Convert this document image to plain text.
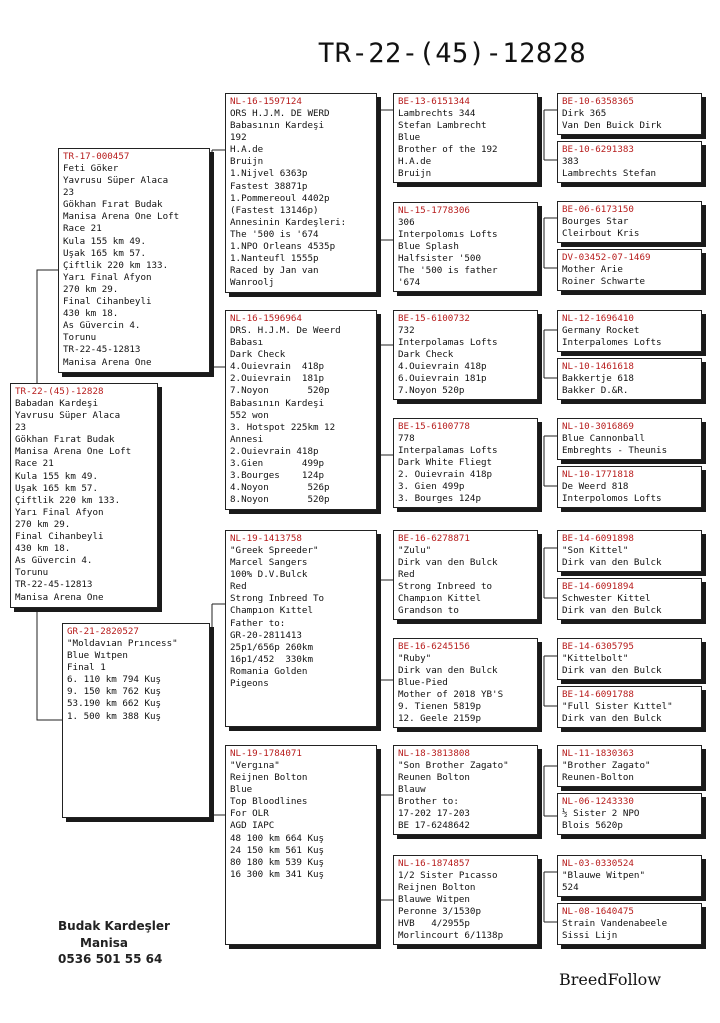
TR-22-(45)-12828
TR-22-(45)-12828
Babadan Kardeşi
Yavrusu Süper Alaca
23
Gökhan Fırat Budak
Manisa Arena One Loft
Race 21
Kula 155 km 49.
Uşak 165 km 57.
Çiftlik 220 km 133.
Yarı Final Afyon
270 km 29.
Final Cihanbeyli
430 km 18.
As Güvercin 4.
Torunu
TR-22-45-12813
Manisa Arena One
TR-17-000457
Feti Göker
Yavrusu Süper Alaca
23
Gökhan Fırat Budak
Manisa Arena One Loft
Race 21
Kula 155 km 49.
Uşak 165 km 57.
Çiftlik 220 km 133.
Yarı Final Afyon
270 km 29.
Final Cihanbeyli
430 km 18.
As Güvercin 4.
Torunu
TR-22-45-12813
Manisa Arena One
GR-21-2820527
"Moldavıan Prıncess"
Blue Wıtpen
Final 1
6. 110 km 794 Kuş
9. 150 km 762 Kuş
53.190 km 662 Kuş
1. 500 km 388 Kuş
NL-16-1597124
ORS H.J.M. DE WERD
Babasının Kardeşi
192
H.A.de
Bruijn
1.Nijvel 6363p
Fastest 38871p
1.Pommereoul 4402p
(Fastest 13146p)
Annesinin Kardeşleri:
The '500 is '674
1.NPO Orleans 4535p
1.Nanteufl 1555p
Raced by Jan van
Wanroolj
NL-16-1596964
DRS. H.J.M. De Weerd
Babası
Dark Check
4.Ouievrain  418p
2.Ouievrain  181p
7.Noyon       520p
Babasının Kardeşi
552 won
3. Hotspot 225km 12
Annesi
2.Ouievrain 418p
3.Gien       499p
3.Bourges    124p
4.Noyon       526p
8.Noyon       520p
NL-19-1413758
"Greek Spreeder"
Marcel Sangers
100% D.V.Bulck
Red
Strong Inbreed To
Champıon Kıttel
Father to:
GR-20-2811413
25p1/656p 260km
16p1/452  330km
Romania Golden
Pigeons
NL-19-1784071
"Vergına"
Reijnen Bolton
Blue
Top Bloodlines
For OLR
AGD IAPC
48 100 km 664 Kuş
24 150 km 561 Kuş
80 180 km 539 Kuş
16 300 km 341 Kuş
BE-13-6151344
Lambrechts 344
Stefan Lambrecht
Blue
Brother of the 192
H.A.de
Bruijn
NL-15-1778306
306
Interpolomıs Lofts
Blue Splash
Halfsister '500
The '500 is father
'674
BE-15-6100732
732
Interpolamas Lofts
Dark Check
4.Ouievrain 418p
6.Ouievrain 181p
7.Noyon 520p
BE-15-6100778
778
Interpalamas Lofts
Dark White Fliegt
2. Ouievrain 418p
3. Gien 499p
3. Bourges 124p
BE-16-6278871
"Zulu"
Dirk van den Bulck
Red
Strong Inbreed to
Champıon Kittel
Grandson to
BE-16-6245156
"Ruby"
Dirk van den Bulck
Blue-Pied
Mother of 2018 YB'S
9. Tienen 5819p
12. Geele 2159p
NL-18-3813808
"Son Brother Zagato"
Reunen Bolton
Blauw
Brother to:
17-202 17-203
BE 17-6248642
NL-16-1874857
1/2 Sister Pıcasso
Reijnen Bolton
Blauwe Witpen
Peronne 3/1530p
HVB   4/2955p
Morlincourt 6/1138p
BE-10-6358365
Dirk 365
Van Den Buick Dirk
BE-10-6291383
383
Lambrechts Stefan
BE-06-6173150
Bourges Star
Cleirbout Kris
DV-03452-07-1469
Mother Arie
Roiner Schwarte
NL-12-1696410
Germany Rocket
Interpalomes Lofts
NL-10-1461618
Bakkertje 618
Bakker D.&R.
NL-10-3016869
Blue Cannonball
Embreghts - Theunis
NL-10-1771818
De Weerd 818
Interpolomos Lofts
BE-14-6091898
"Son Kittel"
Dirk van den Bulck
BE-14-6091894
Schwester Kittel
Dirk van den Bulck
BE-14-6305795
"Kittelbolt"
Dirk van den Bulck
BE-14-6091788
"Full Sister Kıttel"
Dirk van den Bulck
NL-11-1830363
"Brother Zagato"
Reunen-Bolton
NL-06-1243330
½ Sister 2 NPO
Blois 5620p
NL-03-0330524
"Blauwe Witpen"
524
NL-08-1640475
Strain Vandenabeele
Sissi Lijn
Budak Kardeşler
Manisa
0536 501 55 64
BreedFollow
